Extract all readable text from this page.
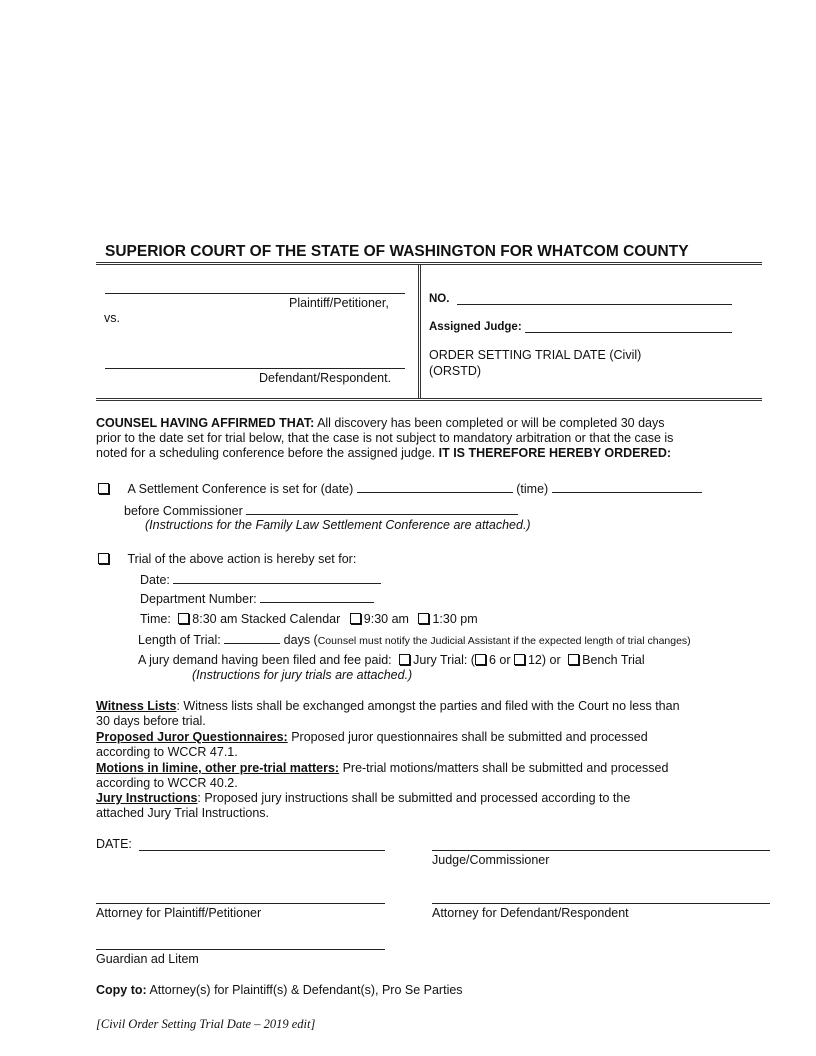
SUPERIOR COURT OF THE STATE OF WASHINGTON FOR WHATCOM COUNTY
Plaintiff/Petitioner,
vs.
Defendant/Respondent.
NO.
Assigned Judge:
ORDER SETTING TRIAL DATE (Civil)
(ORSTD)
COUNSEL HAVING AFFIRMED THAT: All discovery has been completed or will be completed 30 days
prior to the date set for trial below, that the case is not subject to mandatory arbitration or that the case is
noted for a scheduling conference before the assigned judge. IT IS THEREFORE HEREBY ORDERED:
A Settlement Conference is set for (date)	(time)
before Commissioner
(Instructions for the Family Law Settlement Conference are attached.)
Trial of the above action is hereby set for:
Date:
Department Number:
Time: 8:30 am Stacked Calendar 9:30 am 1:30 pm
Length of Trial:	days (Counsel must notify the Judicial Assistant if the expected length of trial changes)
A jury demand having been filed and fee paid: Jury Trial: ( 6 or 12) or Bench Trial
(Instructions for jury trials are attached.)
Witness Lists: Witness lists shall be exchanged amongst the parties and filed with the Court no less than
30 days before trial.
Proposed Juror Questionnaires: Proposed juror questionnaires shall be submitted and processed
according to WCCR 47.1.
Motions in limine, other pre-trial matters: Pre-trial motions/matters shall be submitted and processed
according to WCCR 40.2.
Jury Instructions: Proposed jury instructions shall be submitted and processed according to the
attached Jury Trial Instructions.
DATE:
Judge/Commissioner
Attorney for Plaintiff/Petitioner	Attorney for Defendant/Respondent
Guardian ad Litem
Copy to: Attorney(s) for Plaintiff(s) & Defendant(s), Pro Se Parties
[Civil Order Setting Trial Date – 2019 edit]
